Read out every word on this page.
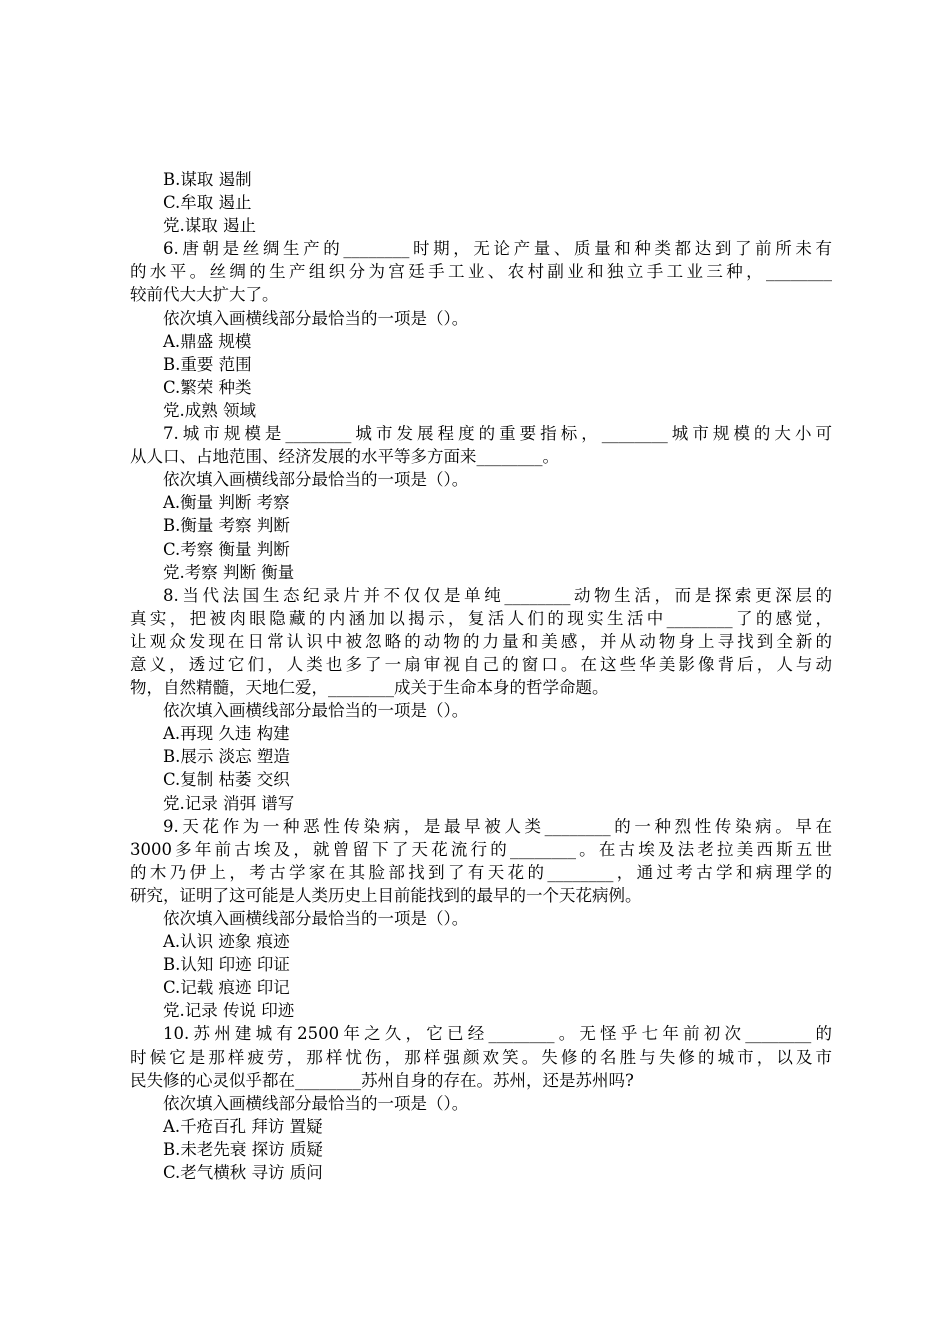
B.谋取 遏制
C.牟取 遏止
党.谋取 遏止
6.唐朝是丝绸生产的________时期，无论产量、质量和种类都达到了前所未有
的水平。丝绸的生产组织分为宫廷手工业、农村副业和独立手工业三种，________
较前代大大扩大了。
依次填入画横线部分最恰当的一项是（）。
A.鼎盛 规模
B.重要 范围
C.繁荣 种类
党.成熟 领域
7.城市规模是________城市发展程度的重要指标，________城市规模的大小可
从人口、占地范围、经济发展的水平等多方面来________。
依次填入画横线部分最恰当的一项是（）。
A.衡量 判断 考察
B.衡量 考察 判断
C.考察 衡量 判断
党.考察 判断 衡量
8.当代法国生态纪录片并不仅仅是单纯________动物生活，而是探索更深层的
真实，把被肉眼隐藏的内涵加以揭示，复活人们的现实生活中________了的感觉，
让观众发现在日常认识中被忽略的动物的力量和美感，并从动物身上寻找到全新的
意义，透过它们，人类也多了一扇审视自己的窗口。在这些华美影像背后，人与动
物，自然精髓，天地仁爱，________成关于生命本身的哲学命题。
依次填入画横线部分最恰当的一项是（）。
A.再现 久违 构建
B.展示 淡忘 塑造
C.复制 枯萎 交织
党.记录 消弭 谱写
9.天花作为一种恶性传染病，是最早被人类________的一种烈性传染病。早在
3000多年前古埃及，就曾留下了天花流行的________。在古埃及法老拉美西斯五世
的木乃伊上，考古学家在其脸部找到了有天花的________，通过考古学和病理学的
研究，证明了这可能是人类历史上目前能找到的最早的一个天花病例。
依次填入画横线部分最恰当的一项是（）。
A.认识 迹象 痕迹
B.认知 印迹 印证
C.记载 痕迹 印记
党.记录 传说 印迹
10.苏州建城有2500年之久，它已经________。无怪乎七年前初次________的
时候它是那样疲劳，那样忧伤，那样强颜欢笑。失修的名胜与失修的城市，以及市
民失修的心灵似乎都在________苏州自身的存在。苏州，还是苏州吗?
依次填入画横线部分最恰当的一项是（）。
A.千疮百孔 拜访 置疑
B.未老先衰 探访 质疑
C.老气横秋 寻访 质问
